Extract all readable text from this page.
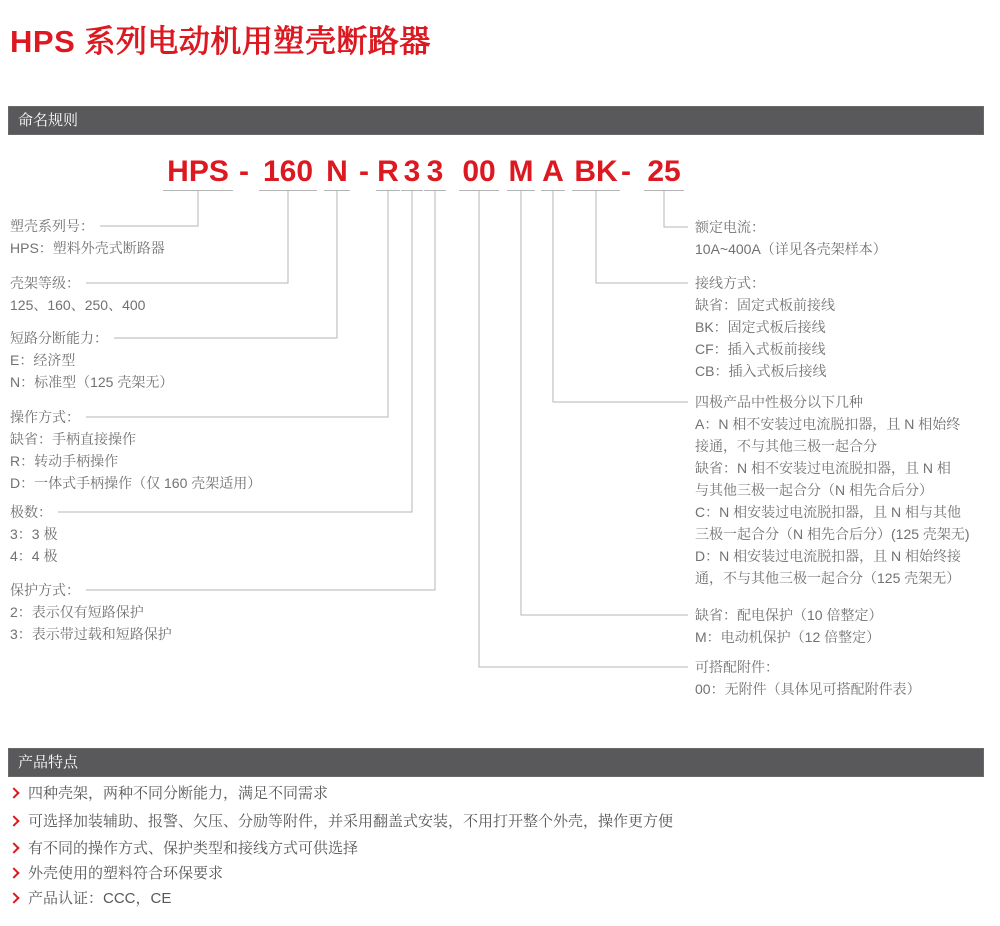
HPS 系列电动机用塑壳断路器
命名规则
HPS - 160 N - R 3 3 00 M A BK - 25
塑壳系列号：
HPS：塑料外壳式断路器
壳架等级：
125、160、250、400
短路分断能力：
E：经济型
N：标准型（125 壳架无）
操作方式：
缺省：手柄直接操作
R：转动手柄操作
D：一体式手柄操作（仅 160 壳架适用）
极数：
3：3 极
4：4 极
保护方式：
2：表示仅有短路保护
3：表示带过载和短路保护
额定电流：
10A~400A（详见各壳架样本）
接线方式：
缺省：固定式板前接线
BK：固定式板后接线
CF：插入式板前接线
CB：插入式板后接线
四极产品中性极分以下几种
A：N 相不安装过电流脱扣器，且 N 相始终
接通，不与其他三极一起合分
缺省：N 相不安装过电流脱扣器，且 N 相
与其他三极一起合分（N 相先合后分）
C：N 相安装过电流脱扣器，且 N 相与其他
三极一起合分（N 相先合后分）(125 壳架无)
D：N 相安装过电流脱扣器，且 N 相始终接
通，不与其他三极一起合分（125 壳架无）
缺省：配电保护（10 倍整定）
M：电动机保护（12 倍整定）
可搭配附件：
00：无附件（具体见可搭配附件表）
产品特点
四种壳架，两种不同分断能力，满足不同需求
可选择加装辅助、报警、欠压、分励等附件，并采用翻盖式安装，不用打开整个外壳，操作更方便
有不同的操作方式、保护类型和接线方式可供选择
外壳使用的塑料符合环保要求
产品认证：CCC，CE
